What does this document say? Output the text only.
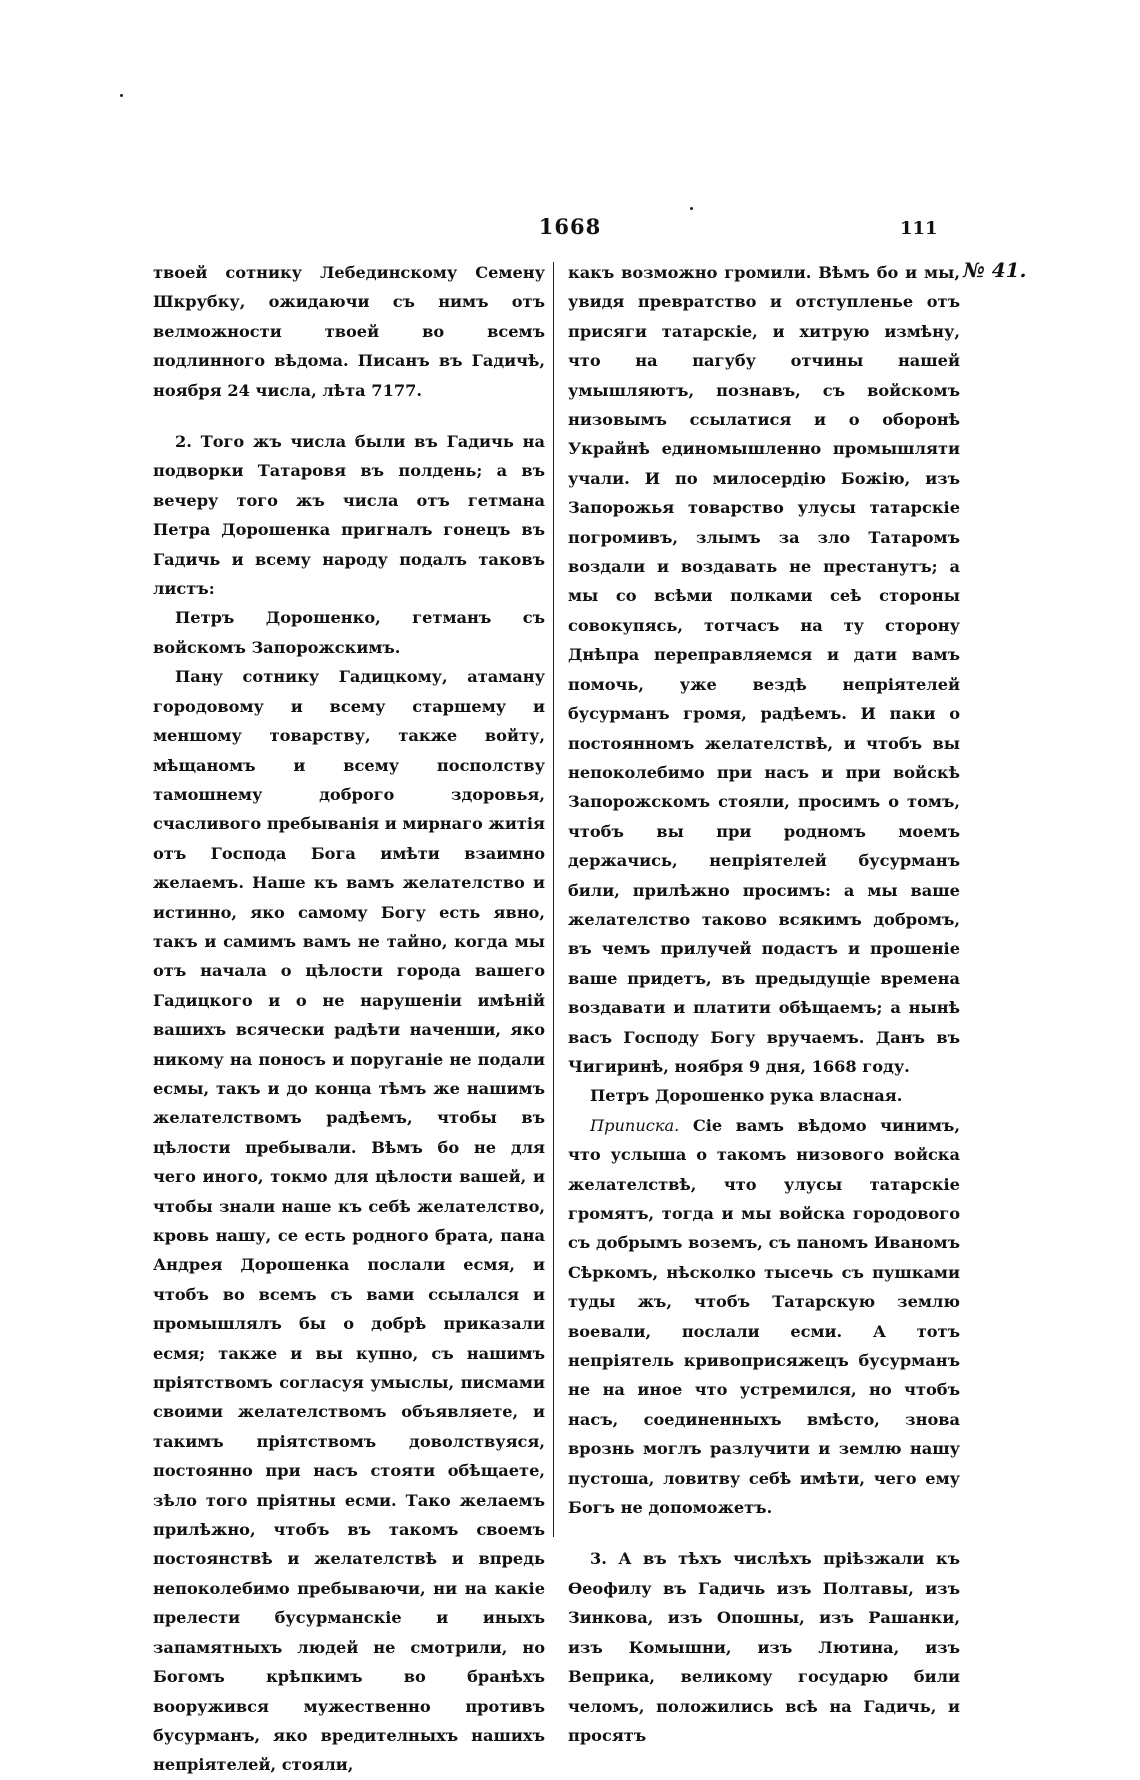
1668	111
№ 41.

твоей сотнику Лебединскому Семену Шкрубку, ожидаючи съ нимъ отъ велможности твоей во всемъ подлинного вѣдома. Писанъ въ Гадичѣ, ноября 24 числа, лѣта 7177.

2. Того жъ числа были въ Гадичь на подворки Татаровя въ полдень; а въ вечеру того жъ числа отъ гетмана Петра Дорошенка пригналъ гонецъ въ Гадичь и всему народу подалъ таковъ листъ:

Петръ Дорошенко, гетманъ съ войскомъ Запорожскимъ.

Пану сотнику Гадицкому, атаману городовому и всему старшему и меншому товарству, также войту, мѣщаномъ и всему посполству тамошнему доброго здоровья, счасливого пребыванія и мирнаго житія отъ Господа Бога имѣти взаимно желаемъ. Наше къ вамъ желателство и истинно, яко самому Богу есть явно, такъ и самимъ вамъ не тайно, когда мы отъ начала о цѣлости города вашего Гадицкого и о не нарушеніи имѣній вашихъ всячески радѣти наченши, яко никому на поносъ и поруганіе не подали есмы, такъ и до конца тѣмъ же нашимъ желателствомъ радѣемъ, чтобы въ цѣлости пребывали. Вѣмъ бо не для чего иного, токмо для цѣлости вашей, и чтобы знали наше къ себѣ желателство, кровь нашу, се есть родного брата, пана Андрея Дорошенка послали есмя, и чтобъ во всемъ съ вами ссылался и промышлялъ бы о добрѣ приказали есмя; также и вы купно, съ нашимъ пріятствомъ согласуя умыслы, писмами своими желателствомъ объявляете, и такимъ пріятствомъ доволствуяся, постоянно при насъ стояти обѣщаете, зѣло того пріятны есми. Тако желаемъ прилѣжно, чтобъ въ такомъ своемъ постоянствѣ и желателствѣ и впредь непоколебимо пребываючи, ни на какіе прелести бусурманскіе и иныхъ запамятныхъ людей не смотрили, но Богомъ крѣпкимъ во бранѣхъ вооружився мужественно противъ бусурманъ, яко вредителныхъ нашихъ непріятелей, стояли,

какъ возможно громили. Вѣмъ бо и мы, увидя превратство и отступленье отъ присяги татарскіе, и хитрую измѣну, что на пагубу отчины нашей умышляютъ, познавъ, съ войскомъ низовымъ ссылатися и о оборонѣ Украйнѣ единомышленно промышляти учали. И по милосердію Божію, изъ Запорожья товарство улусы татарскіе погромивъ, злымъ за зло Татаромъ воздали и воздавать не престанутъ; а мы со всѣми полками сеѣ стороны совокупясь, тотчасъ на ту сторону Днѣпра переправляемся и дати вамъ помочь, уже вездѣ непріятелей бусурманъ громя, радѣемъ. И паки о постоянномъ желателствѣ, и чтобъ вы непоколебимо при насъ и при войскѣ Запорожскомъ стояли, просимъ о томъ, чтобъ вы при родномъ моемъ держачись, непріятелей бусурманъ били, прилѣжно просимъ: а мы ваше желателство таково всякимъ добромъ, въ чемъ прилучей подастъ и прошеніе ваше придетъ, въ предыдущіе времена воздавати и платити обѣщаемъ; а нынѣ васъ Господу Богу вручаемъ. Данъ въ Чигиринѣ, ноября 9 дня, 1668 году.

Петръ Дорошенко рука власная.

Приписка. Сіе вамъ вѣдомо чинимъ, что услыша о такомъ низового войска желателствѣ, что улусы татарскіе громятъ, тогда и мы войска городового съ добрымъ воземъ, съ паномъ Иваномъ Сѣркомъ, нѣсколко тысечь съ пушками туды жъ, чтобъ Татарскую землю воевали, послали есми. А тотъ непріятель кривоприсяжецъ бусурманъ не на иное что устремился, но чтобъ насъ, соединенныхъ вмѣсто, знова врознь моглъ разлучити и землю нашу пустоша, ловитву себѣ имѣти, чего ему Богъ не допоможетъ.

3. А въ тѣхъ числѣхъ пріѣзжали къ Ѳеофилу въ Гадичь изъ Полтавы, изъ Зинкова, изъ Опошны, изъ Рашанки, изъ Комышни, изъ Лютина, изъ Веприка, великому государю били челомъ, положились всѣ на Гадичь, и просятъ
